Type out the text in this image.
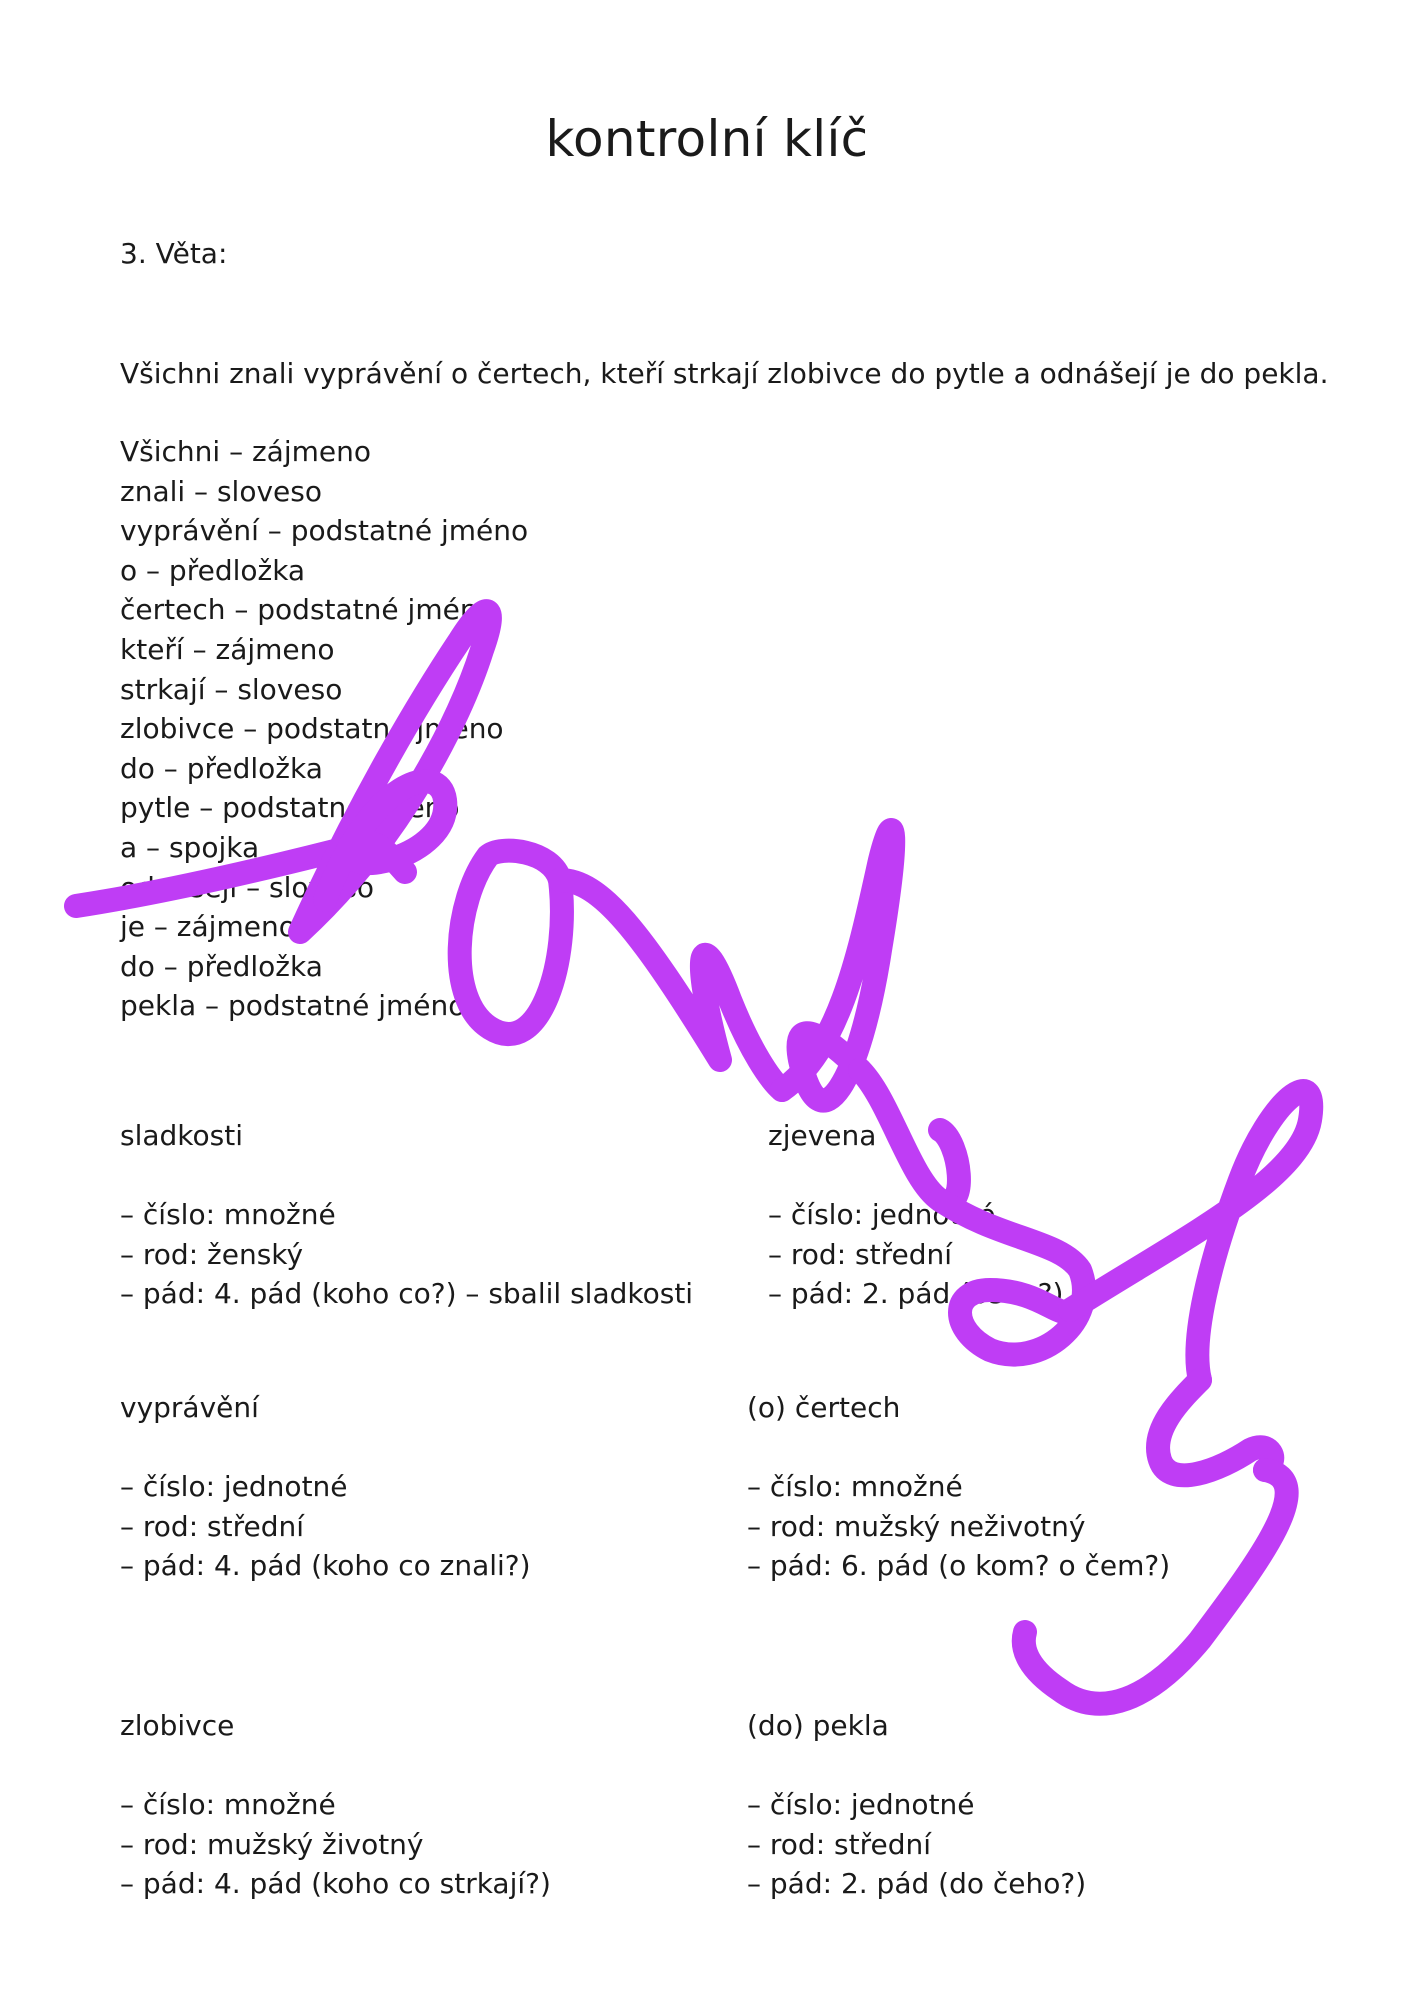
kontrolní klíč
3. Věta:
Všichni znali vyprávění o čertech, kteří strkají zlobivce do pytle a odnášejí je do pekla.
Všichni – zájmeno
znali – sloveso
vyprávění – podstatné jméno
o – předložka
čertech – podstatné jméno
kteří – zájmeno
strkají – sloveso
zlobivce – podstatné jméno
do – předložka
pytle – podstatné jméno
a – spojka
odnášejí – sloveso
je – zájmeno
do – předložka
pekla – podstatné jméno
sladkosti
– číslo: množné
– rod: ženský
– pád: 4. pád (koho co?) – sbalil sladkosti
zjevena
– číslo: jednotné
– rod: střední
– pád: 2. pád (čeho?)
vyprávění
– číslo: jednotné
– rod: střední
– pád: 4. pád (koho co znali?)
(o) čertech
– číslo: množné
– rod: mužský neživotný
– pád: 6. pád (o kom? o čem?)
zlobivce
– číslo: množné
– rod: mužský životný
– pád: 4. pád (koho co strkají?)
(do) pekla
– číslo: jednotné
– rod: střední
– pád: 2. pád (do čeho?)
